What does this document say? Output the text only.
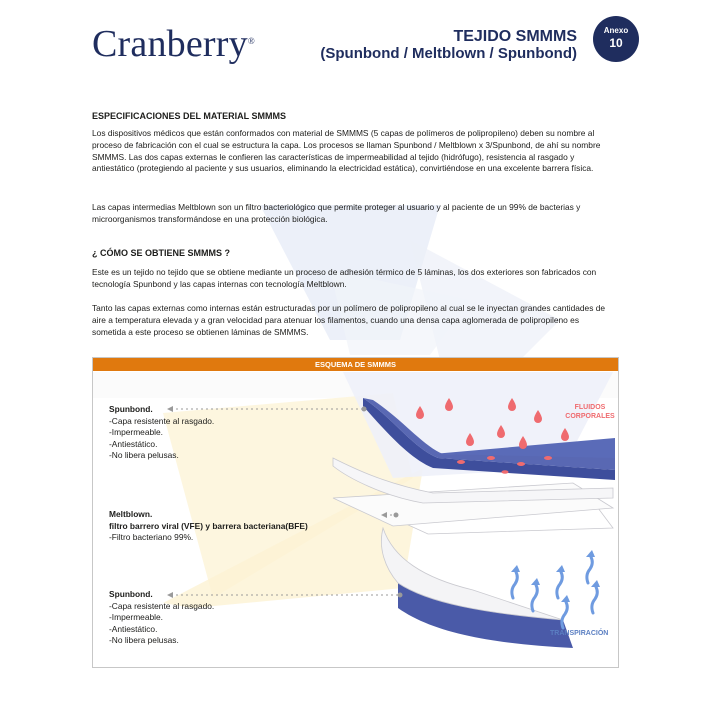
Cranberry®	TEJIDO SMMMS
(Spunbond / Meltblown / Spunbond)
Anexo
10
ESPECIFICACIONES DEL MATERIAL SMMMS
Los dispositivos médicos que están conformados con material de SMMMS (5 capas de polímeros de polipropileno) deben su nombre al proceso de fabricación con el cual se estructura la capa. Los procesos se llaman Spunbond / Meltblown x 3/Spunbond, de ahí su nombre SMMMS. Las dos capas externas le confieren las características de impermeabilidad al tejido (hidrófugo), resistencia al rasgado y antiestático (protegiendo al paciente y sus usuarios, eliminando la electricidad estática), convirtiéndose en una excelente barrera física.
Las capas intermedias Meltblown son un filtro bacteriológico que permite proteger al usuario y al paciente de un 99% de bacterias y microorganismos transformándose en una protección biológica.
¿ CÓMO SE OBTIENE SMMMS ?
Este es un tejido no tejido que se obtiene mediante un proceso de adhesión térmico de 5 láminas, los dos exteriores son fabricados con tecnología Spunbond y las capas internas con tecnología Meltblown.
Tanto las capas externas como internas están estructuradas por un polímero de polipropileno al cual se le inyectan grandes cantidades de aire a temperatura elevada y a gran velocidad para atenuar los filamentos, cuando una densa capa aglomerada de polipropileno es sometida a este proceso se obtienen láminas de SMMMS.
ESQUEMA DE SMMMS
Spunbond.
-Capa resistente al rasgado.
-Impermeable.
-Antiestático.
-No libera pelusas.
Meltblown.
filtro barrero viral (VFE) y barrera bacteriana(BFE)
-Filtro bacteriano 99%.
Spunbond.
-Capa resistente al rasgado.
-Impermeable.
-Antiestático.
-No libera pelusas.
FLUIDOS
CORPORALES
TRANSPIRACIÓN
